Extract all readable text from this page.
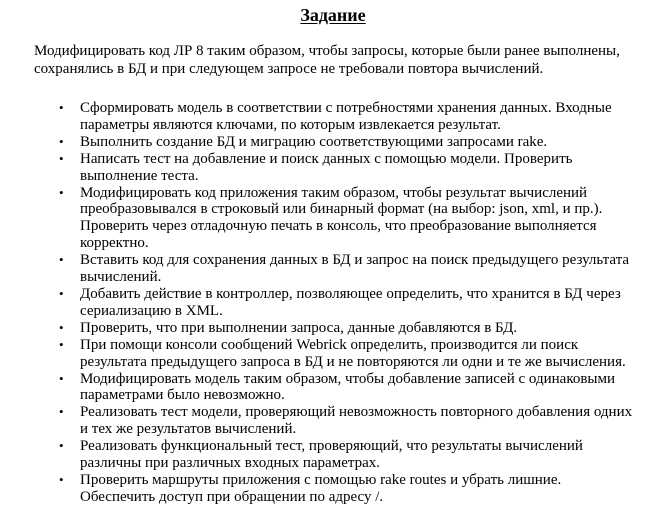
Задание

Модифицировать код ЛР 8 таким образом, чтобы запросы, которые были ранее выполнены, сохранялись в БД и при следующем запросе не требовали повтора вычислений.

• Сформировать модель в соответствии с потребностями хранения данных. Входные параметры являются ключами, по которым извлекается результат.
• Выполнить создание БД и миграцию соответствующими запросами rake.
• Написать тест на добавление и поиск данных с помощью модели. Проверить выполнение теста.
• Модифицировать код приложения таким образом, чтобы результат вычислений преобразовывался в строковый или бинарный формат (на выбор: json, xml, и пр.). Проверить через отладочную печать в консоль, что преобразование выполняется корректно.
• Вставить код для сохранения данных в БД и запрос на поиск предыдущего результата вычислений.
• Добавить действие в контроллер, позволяющее определить, что хранится в БД через сериализацию в XML.
• Проверить, что при выполнении запроса, данные добавляются в БД.
• При помощи консоли сообщений Webrick определить, производится ли поиск результата предыдущего запроса в БД и не повторяются ли одни и те же вычисления.
• Модифицировать модель таким образом, чтобы добавление записей с одинаковыми параметрами было невозможно.
• Реализовать тест модели, проверяющий невозможность повторного добавления одних и тех же результатов вычислений.
• Реализовать функциональный тест, проверяющий, что результаты вычислений различны при различных входных параметрах.
• Проверить маршруты приложения с помощью rake routes и убрать лишние. Обеспечить доступ при обращении по адресу /.
